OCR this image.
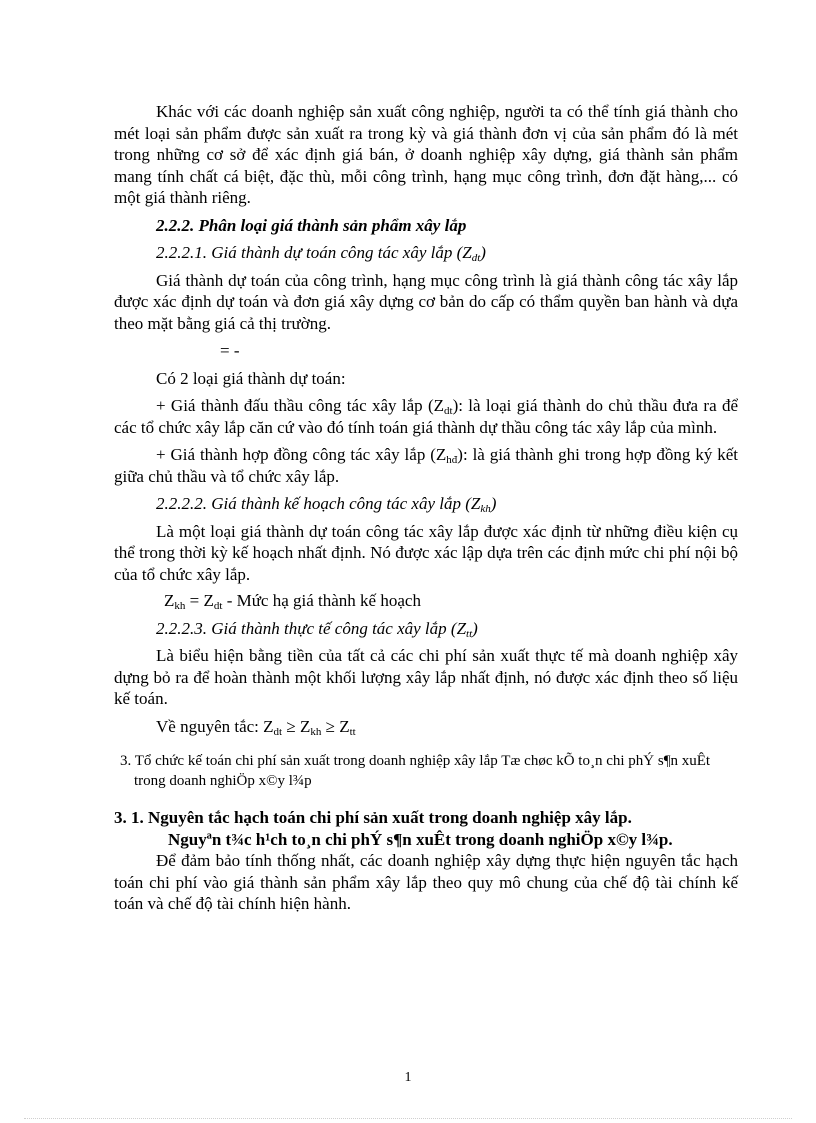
Khác với các doanh nghiệp sản xuất công nghiệp, người ta có thể tính giá thành cho mét loại sản phẩm được sản xuất ra trong kỳ và giá thành đơn vị của sản phẩm đó là mét trong những cơ sở để xác định giá bán, ở doanh nghiệp xây dựng, giá thành sản phẩm mang tính chất cá biệt, đặc thù, mỗi công trình, hạng mục công trình, đơn đặt hàng,... có một giá thành riêng.

2.2.2. Phân loại giá thành sản phẩm xây lắp

2.2.2.1. Giá thành dự toán công tác xây lắp $(Z_{dt})$

Giá thành dự toán của công trình, hạng mục công trình là giá thành công tác xây lắp được xác định dự toán và đơn giá xây dựng cơ bản do cấp có thẩm quyền ban hành và dựa theo mặt bằng giá cả thị trường.

= -

Có 2 loại giá thành dự toán:

+ Giá thành đấu thầu công tác xây lắp $(Z_{dt})$: là loại giá thành do chủ thầu đưa ra để các tổ chức xây lắp căn cứ vào đó tính toán giá thành dự thầu công tác xây lắp của mình.

+ Giá thành hợp đồng công tác xây lắp $(Z_{hđ})$: là giá thành ghi trong hợp đồng ký kết giữa chủ thầu và tổ chức xây lắp.

2.2.2.2. Giá thành kế hoạch công tác xây lắp $(Z_{kh})$

Là một loại giá thành dự toán công tác xây lắp được xác định từ những điều kiện cụ thể trong thời kỳ kế hoạch nhất định. Nó được xác lập dựa trên các định mức chi phí nội bộ của tổ chức xây lắp.

$Z_{kh} = Z_{dt}$ - Mức hạ giá thành kế hoạch

2.2.2.3. Giá thành thực tế công tác xây lắp $(Z_{tt})$

Là biểu hiện bằng tiền của tất cả các chi phí sản xuất thực tế mà doanh nghiệp xây dựng bỏ ra để hoàn thành một khối lượng xây lắp nhất định, nó được xác định theo số liệu kế toán.

Về nguyên tắc: $Z_{dt} \ge Z_{kh} \ge Z_{tt}$

3. Tổ chức kế toán chi phí sản xuất trong doanh nghiệp xây lắp Tæ chøc kÕ to¸n chi phÝ s¶n xuÊt trong doanh nghiÖp x©y l¾p

3. 1. Nguyên tắc hạch toán chi phí sản xuất trong doanh nghiệp xây lắp.
Nguyªn t¾c h¹ch to¸n chi phÝ s¶n xuÊt trong doanh nghiÖp x©y l¾p.

Để đảm bảo tính thống nhất, các doanh nghiệp xây dựng thực hiện nguyên tắc hạch toán chi phí vào giá thành sản phẩm xây lắp theo quy mô chung của chế độ tài chính kế toán và chế độ tài chính hiện hành.

1
